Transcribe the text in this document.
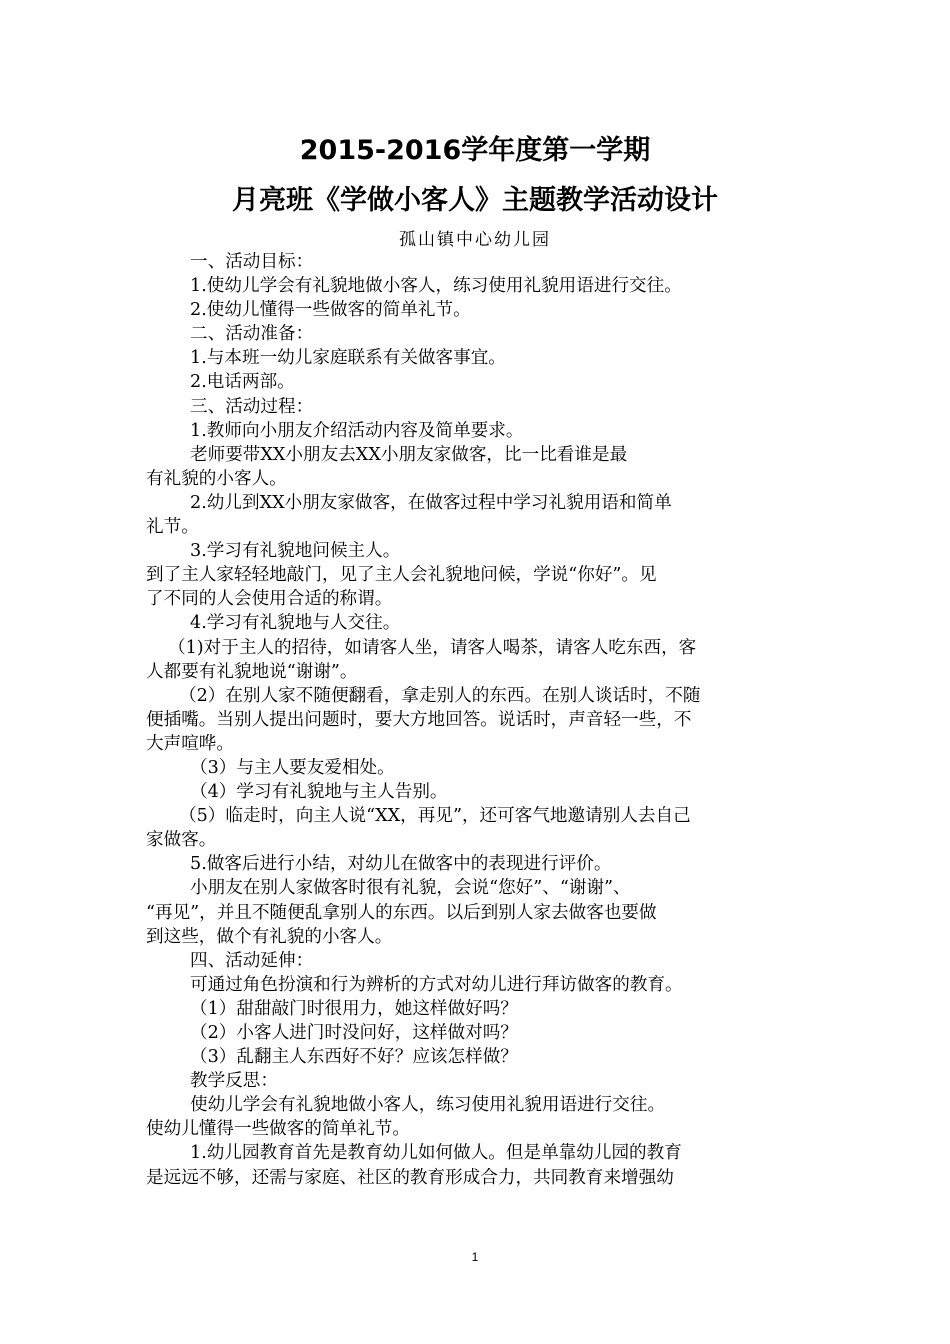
2015-2016学年度第一学期
月亮班《学做小客人》主题教学活动设计
孤山镇中心幼儿园
一、活动目标：
1.使幼儿学会有礼貌地做小客人，练习使用礼貌用语进行交往。
2.使幼儿懂得一些做客的简单礼节。
二、活动准备：
1.与本班一幼儿家庭联系有关做客事宜。
2.电话两部。
三、活动过程：
1.教师向小朋友介绍活动内容及简单要求。
老师要带XX小朋友去XX小朋友家做客，比一比看谁是最
有礼貌的小客人。
2.幼儿到XX小朋友家做客，在做客过程中学习礼貌用语和简单
礼节。
3.学习有礼貌地问候主人。
到了主人家轻轻地敲门，见了主人会礼貌地问候，学说“你好”。见
了不同的人会使用合适的称谓。
4.学习有礼貌地与人交往。
（1)对于主人的招待，如请客人坐，请客人喝茶，请客人吃东西，客
人都要有礼貌地说“谢谢”。
（2）在别人家不随便翻看，拿走别人的东西。在别人谈话时，不随
便插嘴。当别人提出问题时，要大方地回答。说话时，声音轻一些，不
大声喧哗。
（3）与主人要友爱相处。
（4）学习有礼貌地与主人告别。
（5）临走时，向主人说“XX，再见”，还可客气地邀请别人去自己
家做客。
5.做客后进行小结，对幼儿在做客中的表现进行评价。
小朋友在别人家做客时很有礼貌，会说“您好”、“谢谢”、
“再见”，并且不随便乱拿别人的东西。以后到别人家去做客也要做
到这些，做个有礼貌的小客人。
四、活动延伸：
可通过角色扮演和行为辨析的方式对幼儿进行拜访做客的教育。
（1）甜甜敲门时很用力，她这样做好吗？
（2）小客人进门时没问好，这样做对吗？
（3）乱翻主人东西好不好？应该怎样做？
教学反思：
使幼儿学会有礼貌地做小客人，练习使用礼貌用语进行交往。
使幼儿懂得一些做客的简单礼节。
1.幼儿园教育首先是教育幼儿如何做人。但是单靠幼儿园的教育
是远远不够，还需与家庭、社区的教育形成合力，共同教育来增强幼
1
